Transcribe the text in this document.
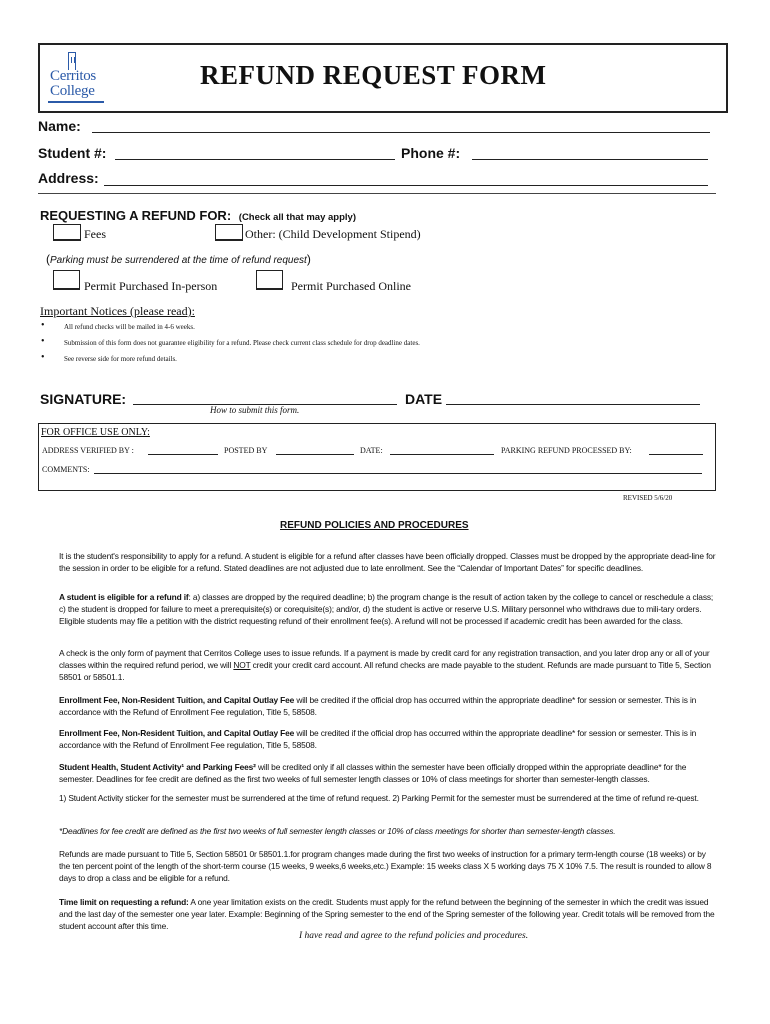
Cerritos
College
REFUND REQUEST FORM
Name:
Student #:	Phone #:
Address:
REQUESTING A REFUND FOR: (Check all that may apply)
Fees	Other: (Child Development Stipend)
(Parking must be surrendered at the time of refund request)
Permit Purchased In-person	Permit Purchased Online
Important Notices (please read):
•	All refund checks will be mailed in 4-6 weeks.
•	Submission of this form does not guarantee eligibility for a refund. Please check current class schedule for drop deadline dates.
•	See reverse side for more refund details.
SIGNATURE:	DATE
How to submit this form.
FOR OFFICE USE ONLY:
ADDRESS VERIFIED BY :	POSTED BY	DATE:	PARKING REFUND PROCESSED BY:
COMMENTS:
REVISED 5/6/20
REFUND POLICIES AND PROCEDURES
It is the student's responsibility to apply for a refund. A student is eligible for a refund after classes have been officially dropped. Classes must be dropped by the appropriate dead-line for the session in order to be eligible for a refund. Stated deadlines are not adjusted due to late enrollment. See the “Calendar of Important Dates” for specific deadlines.
A student is eligible for a refund if: a) classes are dropped by the required deadline; b) the program change is the result of action taken by the college to cancel or reschedule a class; c) the student is dropped for failure to meet a prerequisite(s) or corequisite(s); and/or, d) the student is active or reserve U.S. Military personnel who withdraws due to mili-tary orders. Eligible students may file a petition with the district requesting refund of their enrollment fee(s). A refund will not be processed if academic credit has been awarded for the class.
A check is the only form of payment that Cerritos College uses to issue refunds. If a payment is made by credit card for any registration transaction, and you later drop any or all of your classes within the required refund period, we will NOT credit your credit card account. All refund checks are made payable to the student. Refunds are made pursuant to Title 5, Section 58501 or 58501.1.
Enrollment Fee, Non-Resident Tuition, and Capital Outlay Fee will be credited if the official drop has occurred within the appropriate deadline* for session or semester. This is in accordance with the Refund of Enrollment Fee regulation, Title 5, 58508.
Enrollment Fee, Non-Resident Tuition, and Capital Outlay Fee will be credited if the official drop has occurred within the appropriate deadline* for session or semester. This is in accordance with the Refund of Enrollment Fee regulation, Title 5, 58508.
Student Health, Student Activity¹ and Parking Fees² will be credited only if all classes within the semester have been officially dropped within the appropriate deadline* for the semester. Deadlines for fee credit are defined as the first two weeks of full semester length classes or 10% of class meetings for shorter than semester-length classes.
1) Student Activity sticker for the semester must be surrendered at the time of refund request. 2) Parking Permit for the semester must be surrendered at the time of refund re-quest.
*Deadlines for fee credit are defined as the first two weeks of full semester length classes or 10% of class meetings for shorter than semester-length classes.
Refunds are made pursuant to Title 5, Section 58501 0r 58501.1.for program changes made during the first two weeks of instruction for a primary term-length course (18 weeks) or by the ten percent point of the length of the short-term course (15 weeks, 9 weeks,6 weeks,etc.) Example: 15 weeks class X 5 working days 75 X 10% 7.5. The result is rounded to allow 8 days to drop a class and be eligible for a refund.
Time limit on requesting a refund: A one year limitation exists on the credit. Students must apply for the refund between the beginning of the semester in which the credit was issued and the last day of the semester one year later. Example: Beginning of the Spring semester to the end of the Spring semester of the following year. Credit totals will be removed from the student account after this time.
I have read and agree to the refund policies and procedures.
